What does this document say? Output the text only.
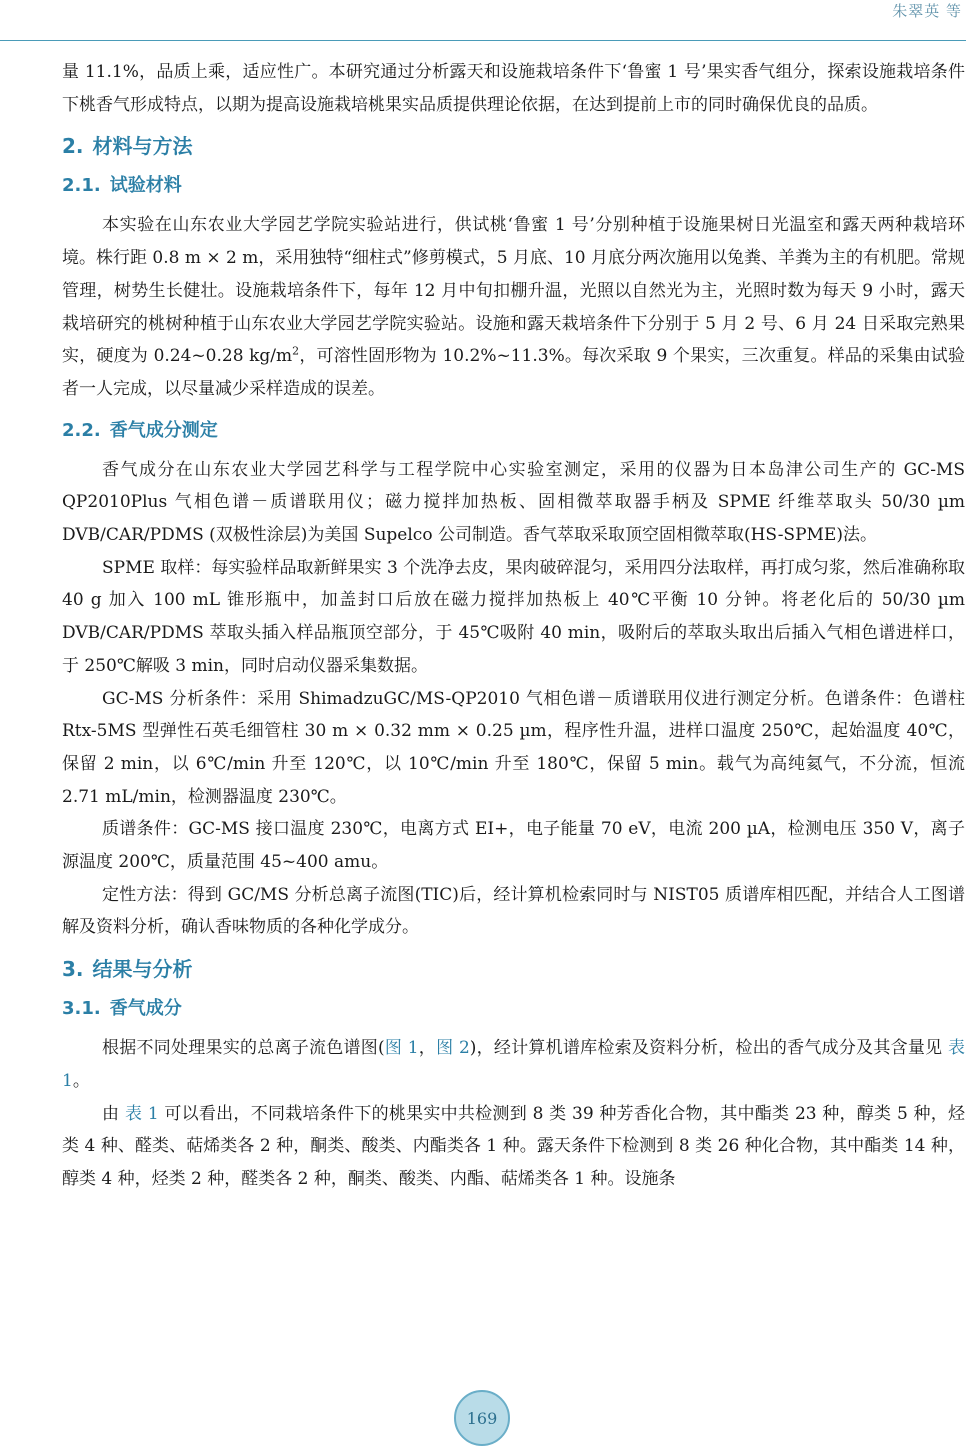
朱翠英 等

量 11.1%，品质上乘，适应性广。本研究通过分析露天和设施栽培条件下‘鲁蜜 1 号’果实香气组分，探索设施栽培条件下桃香气形成特点，以期为提高设施栽培桃果实品质提供理论依据，在达到提前上市的同时确保优良的品质。

2. 材料与方法
2.1. 试验材料

本实验在山东农业大学园艺学院实验站进行，供试桃‘鲁蜜 1 号’分别种植于设施果树日光温室和露天两种栽培环境。株行距 0.8 m × 2 m，采用独特“细柱式”修剪模式，5 月底、10 月底分两次施用以兔粪、羊粪为主的有机肥。常规管理，树势生长健壮。设施栽培条件下，每年 12 月中旬扣棚升温，光照以自然光为主，光照时数为每天 9 小时，露天栽培研究的桃树种植于山东农业大学园艺学院实验站。设施和露天栽培条件下分别于 5 月 2 号、6 月 24 日采取完熟果实，硬度为 0.24~0.28 $kg/m^2$，可溶性固形物为 10.2%~11.3%。每次采取 9 个果实，三次重复。样品的采集由试验者一人完成，以尽量减少采样造成的误差。

2.2. 香气成分测定

香气成分在山东农业大学园艺科学与工程学院中心实验室测定，采用的仪器为日本岛津公司生产的 GC-MS QP2010Plus 气相色谱－质谱联用仪；磁力搅拌加热板、固相微萃取器手柄及 SPME 纤维萃取头 50/30 µm DVB/CAR/PDMS (双极性涂层)为美国 Supelco 公司制造。香气萃取采取顶空固相微萃取(HS-SPME)法。

SPME 取样：每实验样品取新鲜果实 3 个洗净去皮，果肉破碎混匀，采用四分法取样，再打成匀浆，然后准确称取 40 g 加入 100 mL 锥形瓶中，加盖封口后放在磁力搅拌加热板上 40℃平衡 10 分钟。将老化后的 50/30 µm DVB/CAR/PDMS 萃取头插入样品瓶顶空部分，于 45℃吸附 40 min，吸附后的萃取头取出后插入气相色谱进样口，于 250℃解吸 3 min，同时启动仪器采集数据。

GC-MS 分析条件：采用 ShimadzuGC/MS-QP2010 气相色谱－质谱联用仪进行测定分析。色谱条件：色谱柱 Rtx-5MS 型弹性石英毛细管柱 30 m × 0.32 mm × 0.25 µm，程序性升温，进样口温度 250℃，起始温度 40℃，保留 2 min，以 6℃/min 升至 120℃，以 10℃/min 升至 180℃，保留 5 min。载气为高纯氦气，不分流，恒流 2.71 mL/min，检测器温度 230℃。

质谱条件：GC-MS 接口温度 230℃，电离方式 EI+，电子能量 70 eV，电流 200 µA，检测电压 350 V，离子源温度 200℃，质量范围 45~400 amu。

定性方法：得到 GC/MS 分析总离子流图(TIC)后，经计算机检索同时与 NIST05 质谱库相匹配，并结合人工图谱解及资料分析，确认香味物质的各种化学成分。

3. 结果与分析
3.1. 香气成分

根据不同处理果实的总离子流色谱图(图 1，图 2)，经计算机谱库检索及资料分析，检出的香气成分及其含量见 表 1。

由 表 1 可以看出，不同栽培条件下的桃果实中共检测到 8 类 39 种芳香化合物，其中酯类 23 种，醇类 5 种，烃类 4 种、醛类、萜烯类各 2 种，酮类、酸类、内酯类各 1 种。露天条件下检测到 8 类 26 种化合物，其中酯类 14 种，醇类 4 种，烃类 2 种，醛类各 2 种，酮类、酸类、内酯、萜烯类各 1 种。设施条

169
